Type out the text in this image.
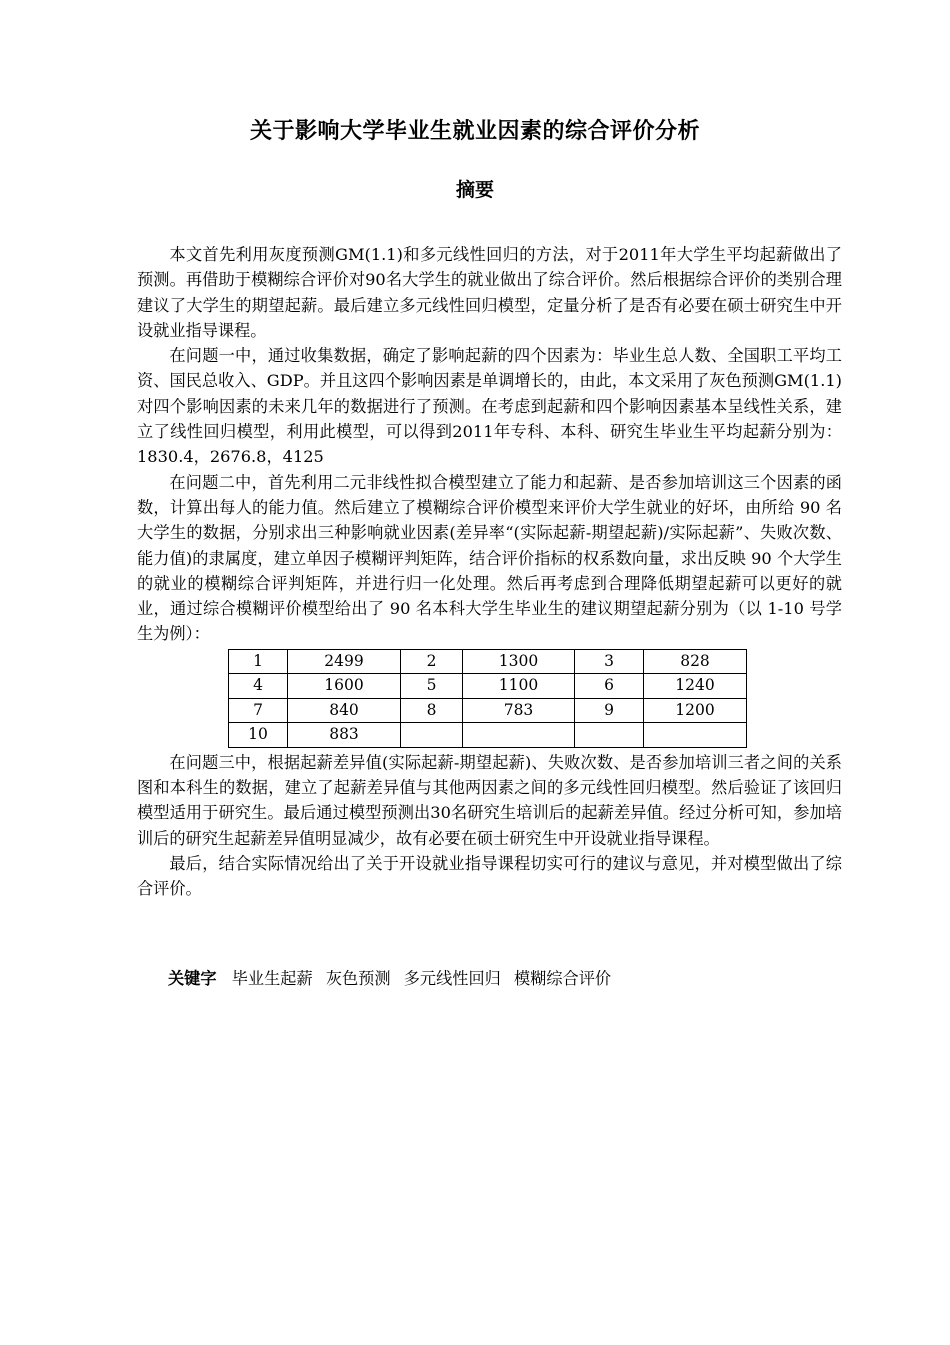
关于影响大学毕业生就业因素的综合评价分析
摘要

本文首先利用灰度预测GM(1.1)和多元线性回归的方法，对于2011年大学生平均起薪做出了预测。再借助于模糊综合评价对90名大学生的就业做出了综合评价。然后根据综合评价的类别合理建议了大学生的期望起薪。最后建立多元线性回归模型，定量分析了是否有必要在硕士研究生中开设就业指导课程。

在问题一中，通过收集数据，确定了影响起薪的四个因素为：毕业生总人数、全国职工平均工资、国民总收入、GDP。并且这四个影响因素是单调增长的，由此，本文采用了灰色预测GM(1.1)对四个影响因素的未来几年的数据进行了预测。在考虑到起薪和四个影响因素基本呈线性关系，建立了线性回归模型，利用此模型，可以得到2011年专科、本科、研究生毕业生平均起薪分别为：1830.4，2676.8，4125

在问题二中，首先利用二元非线性拟合模型建立了能力和起薪、是否参加培训这三个因素的函数，计算出每人的能力值。然后建立了模糊综合评价模型来评价大学生就业的好坏，由所给 90 名大学生的数据，分别求出三种影响就业因素(差异率“(实际起薪-期望起薪)/实际起薪”、失败次数、能力值)的隶属度，建立单因子模糊评判矩阵，结合评价指标的权系数向量，求出反映 90 个大学生的就业的模糊综合评判矩阵，并进行归一化处理。然后再考虑到合理降低期望起薪可以更好的就业，通过综合模糊评价模型给出了 90 名本科大学生毕业生的建议期望起薪分别为（以 1-10 号学生为例）：

1	2499	2	1300	3	828
4	1600	5	1100	6	1240
7	840	8	783	9	1200
10	883				

在问题三中，根据起薪差异值(实际起薪-期望起薪)、失败次数、是否参加培训三者之间的关系图和本科生的数据，建立了起薪差异值与其他两因素之间的多元线性回归模型。然后验证了该回归模型适用于研究生。最后通过模型预测出30名研究生培训后的起薪差异值。经过分析可知，参加培训后的研究生起薪差异值明显减少，故有必要在硕士研究生中开设就业指导课程。

最后，结合实际情况给出了关于开设就业指导课程切实可行的建议与意见，并对模型做出了综合评价。

关键字 毕业生起薪 灰色预测 多元线性回归 模糊综合评价
